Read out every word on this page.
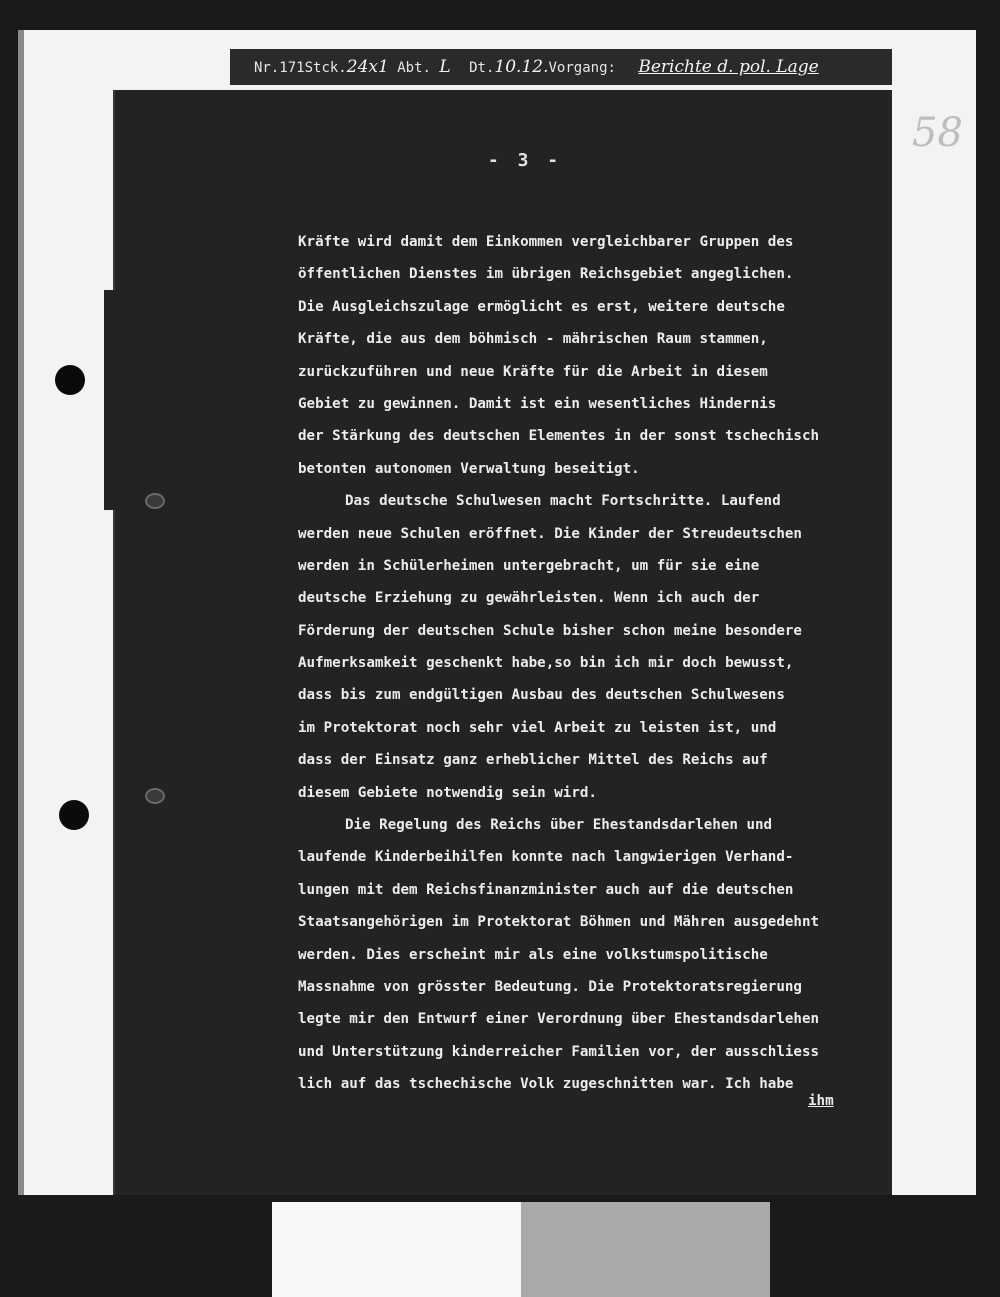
Nr.171Stck.24x1 Abt. L Dt.10.12.Vorgang: Berichte d. pol. Lage
58
- 3 -
Kräfte wird damit dem Einkommen vergleichbarer Gruppen des
öffentlichen Dienstes im übrigen Reichsgebiet angeglichen.
Die Ausgleichszulage ermöglicht es erst, weitere deutsche
Kräfte, die aus dem böhmisch - mährischen Raum stammen,
zurückzuführen und neue Kräfte für die Arbeit in diesem
Gebiet zu gewinnen. Damit ist ein wesentliches Hindernis
der Stärkung des deutschen Elementes in der sonst tschechisch
betonten autonomen Verwaltung beseitigt.
Das deutsche Schulwesen macht Fortschritte. Laufend
werden neue Schulen eröffnet. Die Kinder der Streudeutschen
werden in Schülerheimen untergebracht, um für sie eine
deutsche Erziehung zu gewährleisten. Wenn ich auch der
Förderung der deutschen Schule bisher schon meine besondere
Aufmerksamkeit geschenkt habe,so bin ich mir doch bewusst,
dass bis zum endgültigen Ausbau des deutschen Schulwesens
im Protektorat noch sehr viel Arbeit zu leisten ist, und
dass der Einsatz ganz erheblicher Mittel des Reichs auf
diesem Gebiete notwendig sein wird.
Die Regelung des Reichs über Ehestandsdarlehen und
laufende Kinderbeihilfen konnte nach langwierigen Verhand-
lungen mit dem Reichsfinanzminister auch auf die deutschen
Staatsangehörigen im Protektorat Böhmen und Mähren ausgedehnt
werden. Dies erscheint mir als eine volkstumspolitische
Massnahme von grösster Bedeutung. Die Protektoratsregierung
legte mir den Entwurf einer Verordnung über Ehestandsdarlehen
und Unterstützung kinderreicher Familien vor, der ausschliess
lich auf das tschechische Volk zugeschnitten war. Ich habe
ihm
